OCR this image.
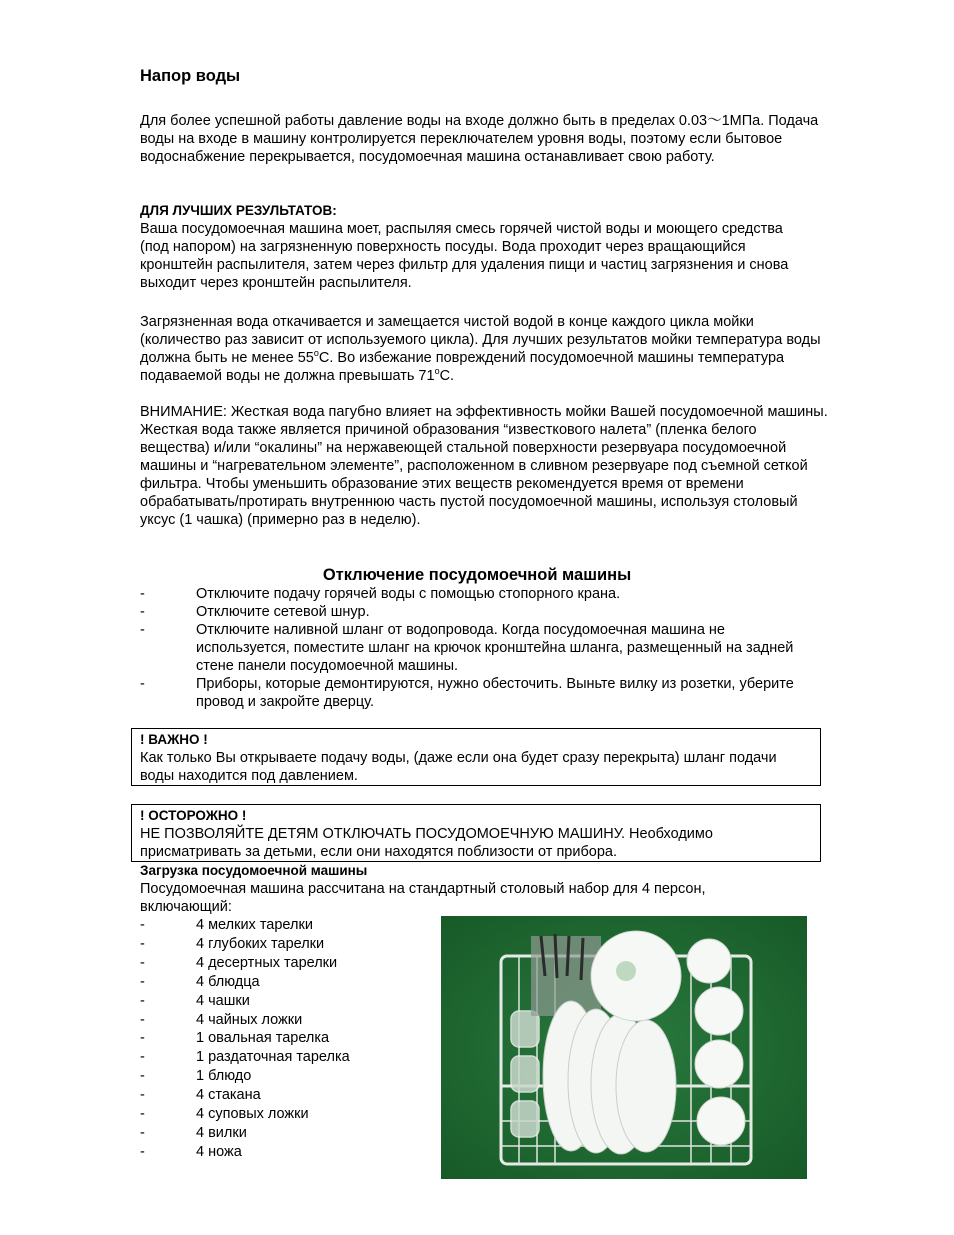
Напор воды

Для более успешной работы давление воды на входе должно быть в пределах 0.03～1МПа. Подача воды на входе в машину контролируется переключателем уровня воды, поэтому если бытовое водоснабжение перекрывается, посудомоечная машина останавливает свою работу.

ДЛЯ ЛУЧШИХ РЕЗУЛЬТАТОВ:

Ваша посудомоечная машина моет, распыляя смесь горячей чистой воды и моющего средства (под напором) на загрязненную поверхность посуды. Вода проходит через вращающийся кронштейн распылителя, затем через фильтр для удаления пищи и частиц загрязнения и снова выходит через кронштейн распылителя.

Загрязненная вода откачивается и замещается чистой водой в конце каждого цикла мойки (количество раз зависит от используемого цикла). Для лучших результатов мойки температура воды должна быть не менее 55$^o$С. Во избежание повреждений посудомоечной машины температура подаваемой воды не должна превышать 71$^o$С.

ВНИМАНИЕ: Жесткая вода пагубно влияет на эффективность мойки Вашей посудомоечной машины. Жесткая вода также является причиной образования “известкового налета” (пленка белого вещества) и/или “окалины” на нержавеющей стальной поверхности резервуара посудомоечной машины и “нагревательном элементе”, расположенном в сливном резервуаре под съемной сеткой фильтра. Чтобы уменьшить образование этих веществ рекомендуется время от времени обрабатывать/протирать внутреннюю часть пустой посудомоечной машины, используя столовый уксус (1 чашка) (примерно раз в неделю).

Отключение посудомоечной машины
-	Отключите подачу горячей воды с помощью стопорного крана.
-	Отключите сетевой шнур.
-	Отключите наливной шланг от водопровода. Когда посудомоечная машина не используется, поместите шланг на крючок кронштейна шланга, размещенный на задней стене панели посудомоечной машины.
-	Приборы, которые демонтируются, нужно обесточить. Выньте вилку из розетки, уберите провод и закройте дверцу.
! ВАЖНО !
Как только Вы открываете подачу воды, (даже если она будет сразу перекрыта) шланг подачи воды находится под давлением.
! ОСТОРОЖНО !
НЕ ПОЗВОЛЯЙТЕ ДЕТЯМ ОТКЛЮЧАТЬ ПОСУДОМОЕЧНУЮ МАШИНУ. Необходимо присматривать за детьми, если они находятся поблизости от прибора.
Загрузка посудомоечной машины

Посудомоечная машина рассчитана на стандартный столовый набор для 4 персон, включающий:

-	4 мелких тарелки
-	4 глубоких тарелки
-	4 десертных тарелки
-	4 блюдца
-	4 чашки
-	4 чайных ложки
-	1 овальная тарелка
-	1 раздаточная тарелка
-	1 блюдо
-	4 стакана
-	4 суповых ложки
-	4 вилки
-	4 ножа
